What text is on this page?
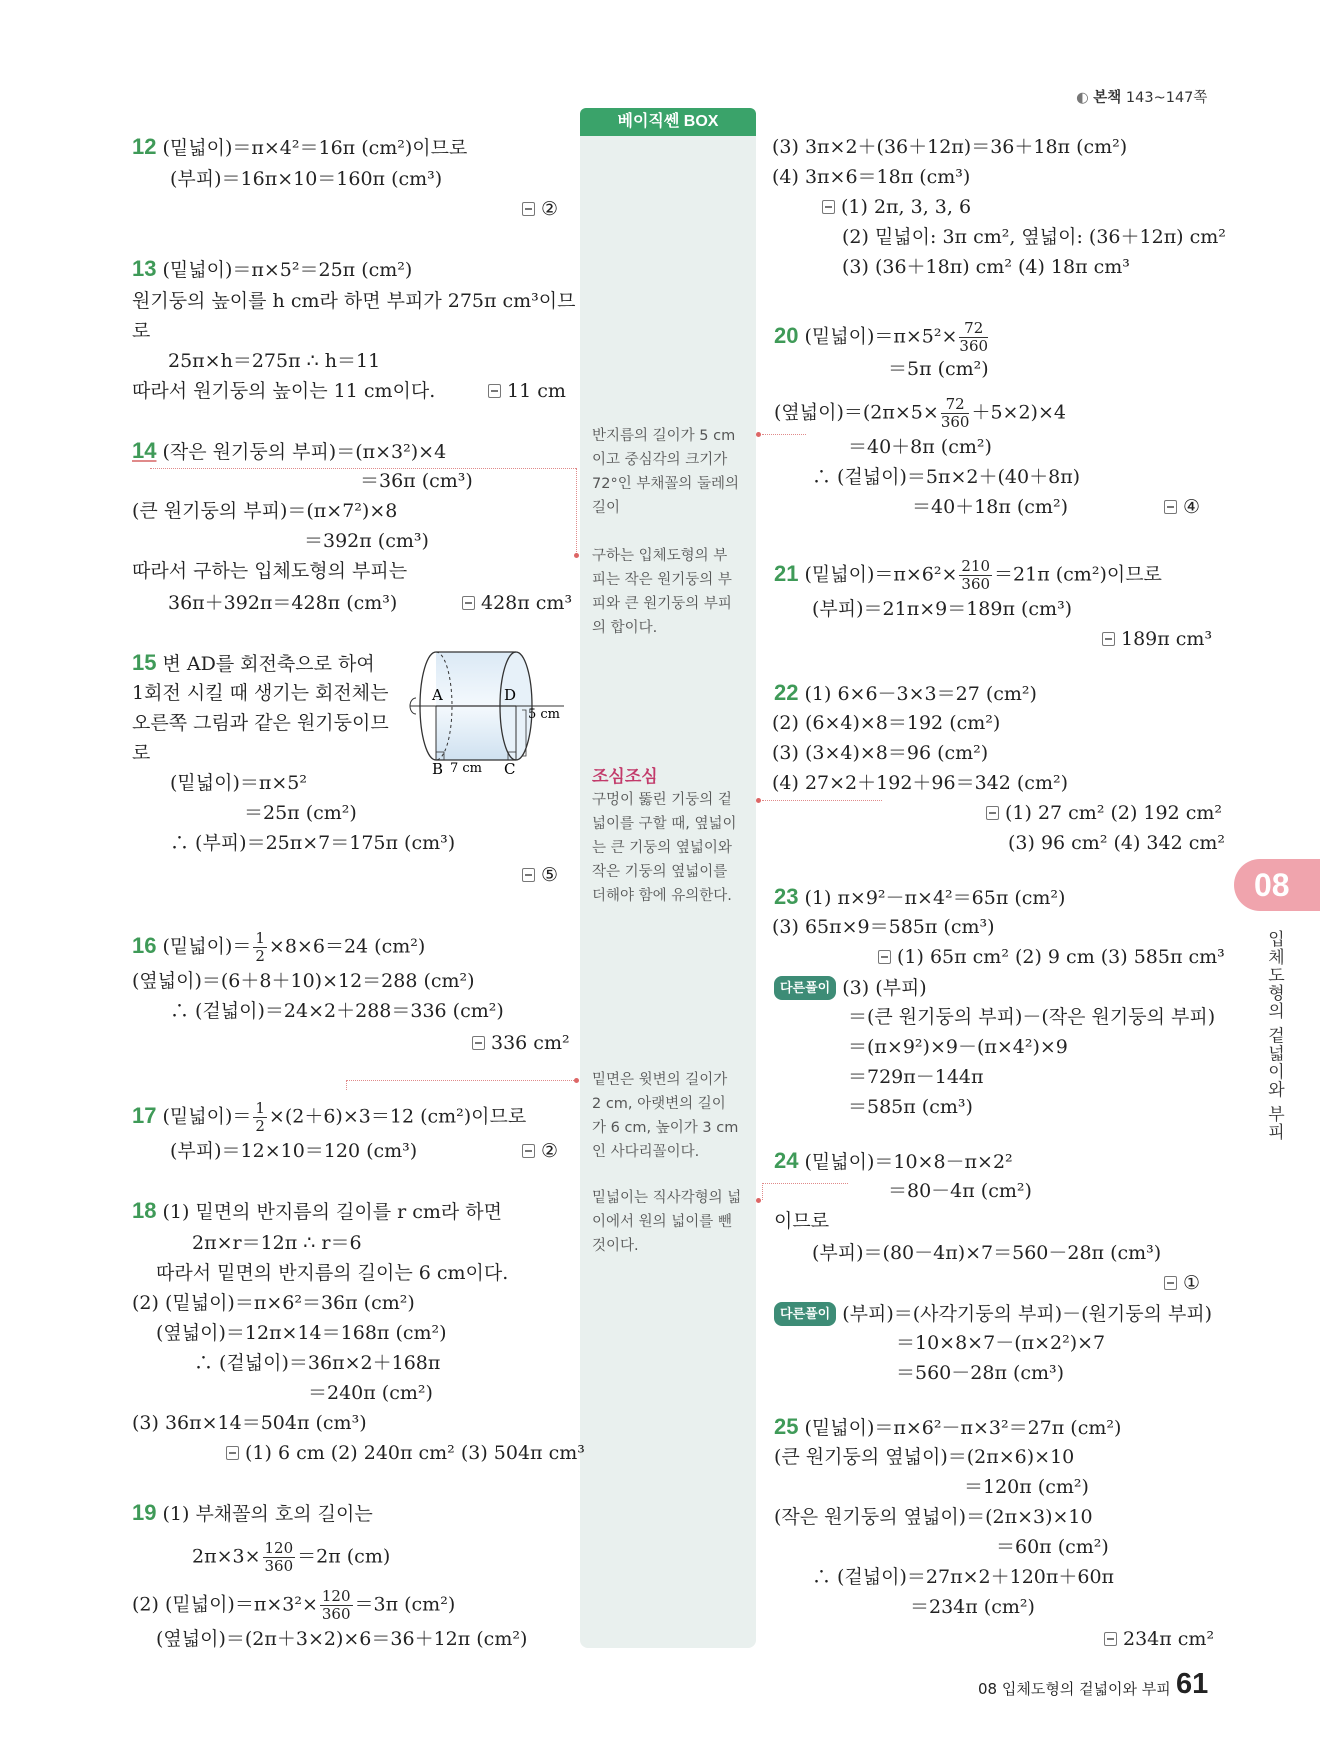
◐ 본책 143~147쪽
베이직쎈 BOX
반지름의 길이가 5 cm
이고 중심각의 크기가
72°인 부채꼴의 둘레의
길이
구하는 입체도형의 부
피는 작은 원기둥의 부
피와 큰 원기둥의 부피
의 합이다.
조심조심
구멍이 뚫린 기둥의 겉
넓이를 구할 때, 옆넓이
는 큰 기둥의 옆넓이와
작은 기둥의 옆넓이를
더해야 함에 유의한다.
밑면은 윗변의 길이가
2 cm, 아랫변의 길이
가 6 cm, 높이가 3 cm
인 사다리꼴이다.
밑넓이는 직사각형의 넓
이에서 원의 넓이를 뺀
것이다.
12 (밑넓이)＝π×4²＝16π (cm²)이므로
(부피)＝16π×10＝160π (cm³)
②
13 (밑넓이)＝π×5²＝25π (cm²)
원기둥의 높이를 h cm라 하면 부피가 275π cm³이므
로
25π×h＝275π ∴ h＝11
따라서 원기둥의 높이는 11 cm이다.	11 cm
14 (작은 원기둥의 부피)＝(π×3²)×4
＝36π (cm³)
(큰 원기둥의 부피)＝(π×7²)×8
＝392π (cm³)
따라서 구하는 입체도형의 부피는
36π＋392π＝428π (cm³)	428π cm³
15 변 AD를 회전축으로 하여
1회전 시킬 때 생기는 회전체는
오른쪽 그림과 같은 원기둥이므
로
(밑넓이)＝π×5²
＝25π (cm²)
∴ (부피)＝25π×7＝175π (cm³)
⑤
A	D
B	C
7 cm
5 cm
16 (밑넓이)＝ $\frac{1}{2} \times 8\times 6=24$ (cm²)
(옆넓이)＝(6＋8＋10)×12＝288 (cm²)
∴ (겉넓이)＝24×2＋288＝336 (cm²)
336 cm²
17 (밑넓이)＝ $\frac{1}{2} \times(2+6)\times 3=12$ (cm²)이므로
(부피)＝12×10＝120 (cm³)	②
18 (1) 밑면의 반지름의 길이를 r cm라 하면
2π×r＝12π ∴ r＝6
따라서 밑면의 반지름의 길이는 6 cm이다.
(2) (밑넓이)＝π×6²＝36π (cm²)
(옆넓이)＝12π×14＝168π (cm²)
∴ (겉넓이)＝36π×2＋168π
＝240π (cm²)
(3) 36π×14＝504π (cm³)
(1) 6 cm (2) 240π cm² (3) 504π cm³
19 (1) 부채꼴의 호의 길이는
$2\pi\times 3\times \frac{120}{360} =2\pi$ (cm)
(2) (밑넓이)$=\pi\times 3^2\times \frac{120}{360} =3\pi$ (cm²)
(옆넓이)＝(2π＋3×2)×6＝36＋12π (cm²)
(3) 3π×2＋(36＋12π)＝36＋18π (cm²)
(4) 3π×6＝18π (cm³)
(1) 2π, 3, 3, 6
(2) 밑넓이: 3π cm², 옆넓이: (36＋12π) cm²
(3) (36＋18π) cm² (4) 18π cm³
20 (밑넓이)$=\pi\times 5^2\times \frac{72}{360}$
＝5π (cm²)
(옆넓이)$=(2\pi\times 5\times \frac{72}{360} +5\times 2)\times 4$
＝40＋8π (cm²)
∴ (겉넓이)＝5π×2＋(40＋8π)
＝40＋18π (cm²)	④
21 (밑넓이)$=\pi\times 6^2\times \frac{210}{360} =21\pi$ (cm²)이므로
(부피)＝21π×9＝189π (cm³)
189π cm³
22 (1) 6×6－3×3＝27 (cm²)
(2) (6×4)×8＝192 (cm²)
(3) (3×4)×8＝96 (cm²)
(4) 27×2＋192＋96＝342 (cm²)
(1) 27 cm² (2) 192 cm²
(3) 96 cm² (4) 342 cm²
23 (1) π×9²－π×4²＝65π (cm²)
(3) 65π×9＝585π (cm³)
(1) 65π cm² (2) 9 cm (3) 585π cm³
다른풀이 (3) (부피)
＝(큰 원기둥의 부피)－(작은 원기둥의 부피)
＝(π×9²)×9－(π×4²)×9
＝729π－144π
＝585π (cm³)
24 (밑넓이)＝10×8－π×2²
＝80－4π (cm²)
이므로
(부피)＝(80－4π)×7＝560－28π (cm³)
①
다른풀이 (부피)＝(사각기둥의 부피)－(원기둥의 부피)
＝10×8×7－(π×2²)×7
＝560－28π (cm³)
25 (밑넓이)＝π×6²－π×3²＝27π (cm²)
(큰 원기둥의 옆넓이)＝(2π×6)×10
＝120π (cm²)
(작은 원기둥의 옆넓이)＝(2π×3)×10
＝60π (cm²)
∴ (겉넓이)＝27π×2＋120π＋60π
＝234π (cm²)
234π cm²
08
입체도형의 겉넓이와 부피
08 입체도형의 겉넓이와 부피 61
